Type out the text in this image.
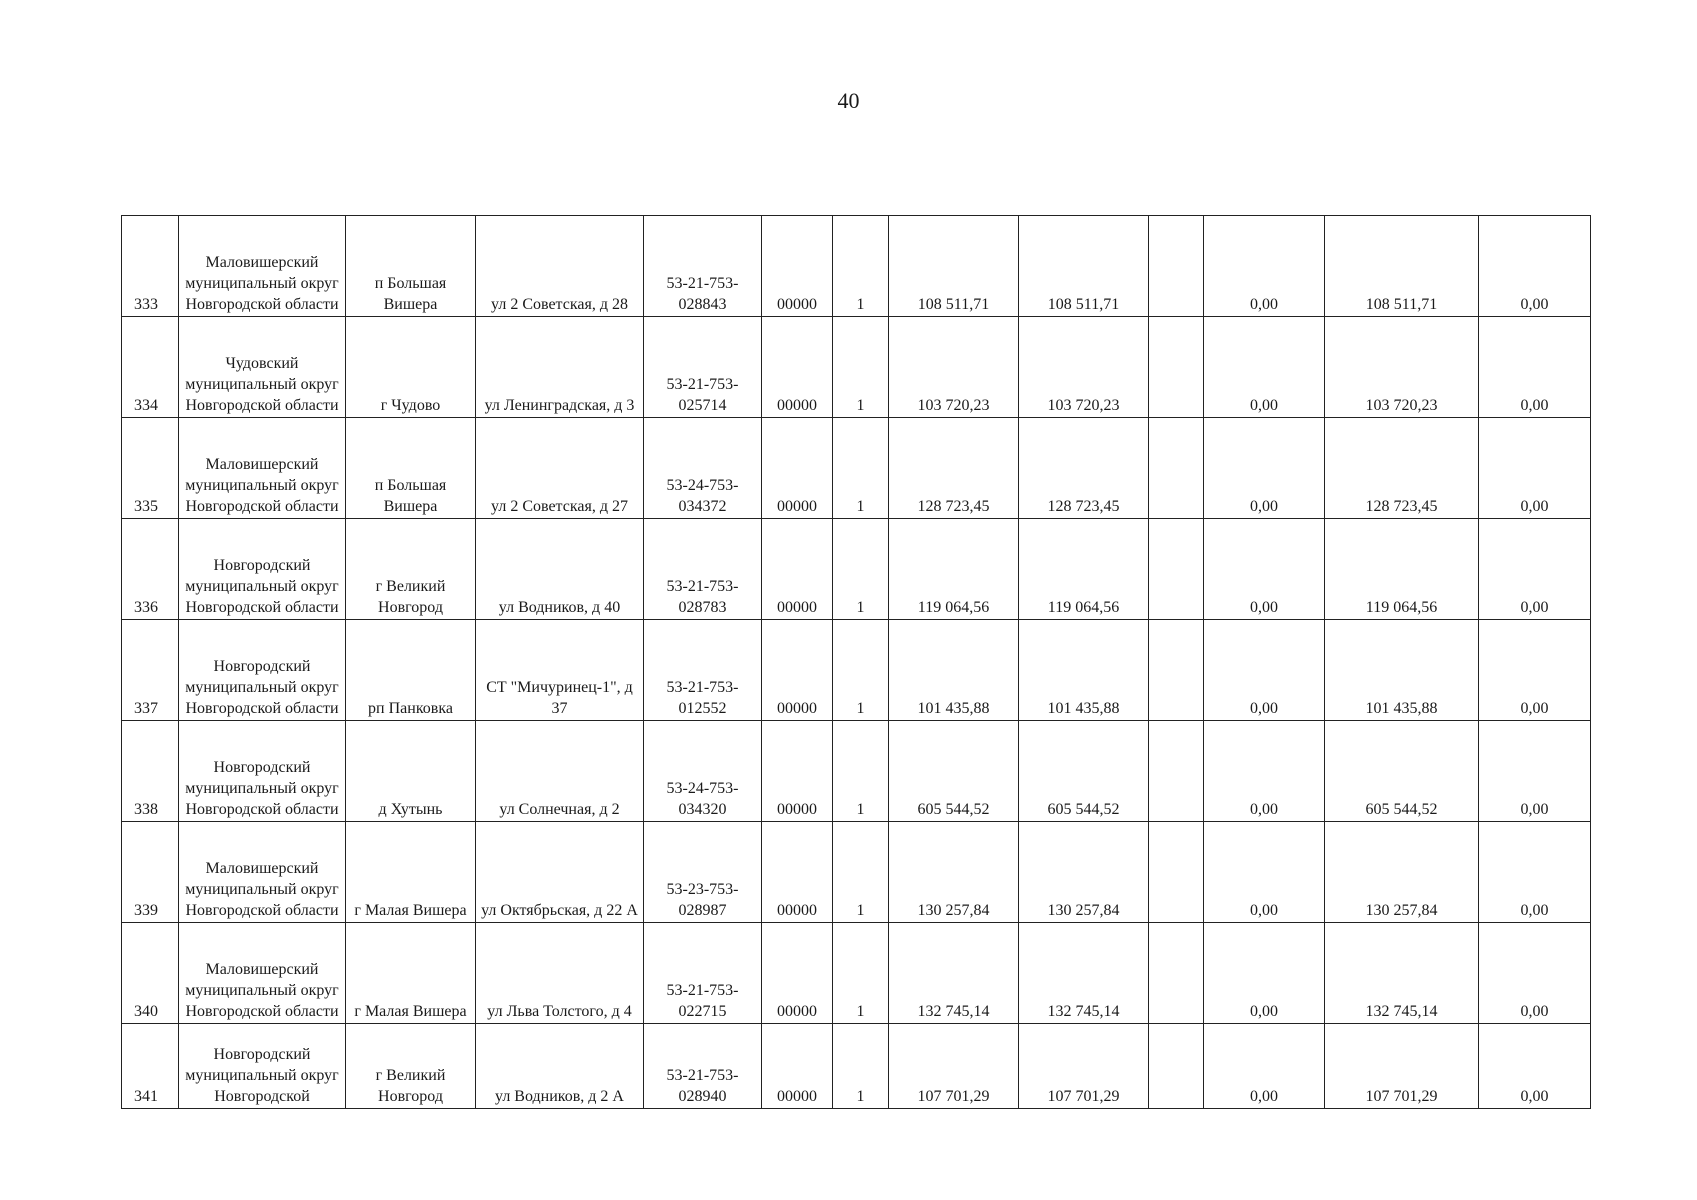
40
333	Маловишерский муниципальный округ Новгородской области	п Большая Вишера	ул 2 Советская, д 28	53-21-753-028843	00000	1	108 511,71	108 511,71		0,00	108 511,71	0,00
334	Чудовский муниципальный округ Новгородской области	г Чудово	ул Ленинградская, д 3	53-21-753-025714	00000	1	103 720,23	103 720,23		0,00	103 720,23	0,00
335	Маловишерский муниципальный округ Новгородской области	п Большая Вишера	ул 2 Советская, д 27	53-24-753-034372	00000	1	128 723,45	128 723,45		0,00	128 723,45	0,00
336	Новгородский муниципальный округ Новгородской области	г Великий Новгород	ул Водников, д 40	53-21-753-028783	00000	1	119 064,56	119 064,56		0,00	119 064,56	0,00
337	Новгородский муниципальный округ Новгородской области	рп Панковка	СТ "Мичуринец-1", д 37	53-21-753-012552	00000	1	101 435,88	101 435,88		0,00	101 435,88	0,00
338	Новгородский муниципальный округ Новгородской области	д Хутынь	ул Солнечная, д 2	53-24-753-034320	00000	1	605 544,52	605 544,52		0,00	605 544,52	0,00
339	Маловишерский муниципальный округ Новгородской области	г Малая Вишера	ул Октябрьская, д 22 А	53-23-753-028987	00000	1	130 257,84	130 257,84		0,00	130 257,84	0,00
340	Маловишерский муниципальный округ Новгородской области	г Малая Вишера	ул Льва Толстого, д 4	53-21-753-022715	00000	1	132 745,14	132 745,14		0,00	132 745,14	0,00
341	Новгородский муниципальный округ Новгородской	г Великий Новгород	ул Водников, д 2 А	53-21-753-028940	00000	1	107 701,29	107 701,29		0,00	107 701,29	0,00
